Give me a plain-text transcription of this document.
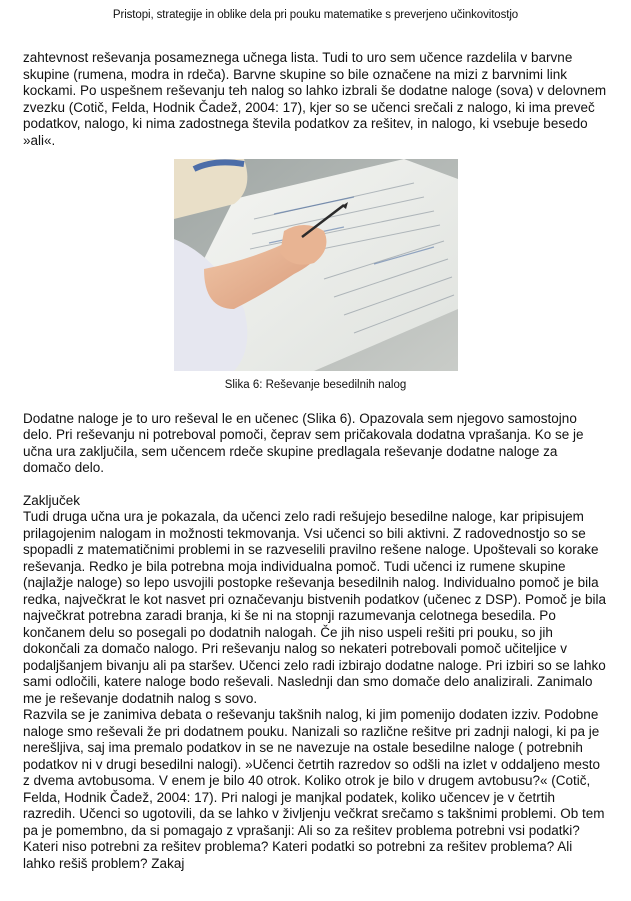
Pristopi, strategije in oblike dela pri pouku matematike s preverjeno učinkovitostjo

zahtevnost reševanja posameznega učnega lista. Tudi to uro sem učence razdelila v barvne skupine (rumena, modra in rdeča). Barvne skupine so bile označene na mizi z barvnimi link kockami. Po uspešnem reševanju teh nalog so lahko izbrali še dodatne naloge (sova) v delovnem zvezku (Cotič, Felda, Hodnik Čadež, 2004: 17), kjer so se učenci srečali z nalogo, ki ima preveč podatkov, nalogo, ki nima zadostnega števila podatkov za rešitev, in nalogo, ki vsebuje besedo »ali«.

Slika 6: Reševanje besedilnih nalog

Dodatne naloge je to uro reševal le en učenec (Slika 6). Opazovala sem njegovo samostojno delo. Pri reševanju ni potreboval pomoči, čeprav sem pričakovala dodatna vprašanja. Ko se je učna ura zaključila, sem učencem rdeče skupine predlagala reševanje dodatne naloge za domačo delo.

Zaključek

Tudi druga učna ura je pokazala, da učenci zelo radi rešujejo besedilne naloge, kar pripisujem prilagojenim nalogam in možnosti tekmovanja. Vsi učenci so bili aktivni. Z radovednostjo so se spopadli z matematičnimi problemi in se razveselili pravilno rešene naloge. Upoštevali so korake reševanja. Redko je bila potrebna moja individualna pomoč. Tudi učenci iz rumene skupine (najlažje naloge) so lepo usvojili postopke reševanja besedilnih nalog. Individualno pomoč je bila redka, največkrat le kot nasvet pri označevanju bistvenih podatkov (učenec z DSP). Pomoč je bila največkrat potrebna zaradi branja, ki še ni na stopnji razumevanja celotnega besedila. Po končanem delu so posegali po dodatnih nalogah. Če jih niso uspeli rešiti pri pouku, so jih dokončali za domačo nalogo. Pri reševanju nalog so nekateri potrebovali pomoč učiteljice v podaljšanjem bivanju ali pa staršev. Učenci zelo radi izbirajo dodatne naloge. Pri izbiri so se lahko sami odločili, katere naloge bodo reševali. Naslednji dan smo domače delo analizirali. Zanimalo me je reševanje dodatnih nalog s sovo.

Razvila se je zanimiva debata o reševanju takšnih nalog, ki jim pomenijo dodaten izziv. Podobne naloge smo reševali že pri dodatnem pouku. Nanizali so različne rešitve pri zadnji nalogi, ki pa je nerešljiva, saj ima premalo podatkov in se ne navezuje na ostale besedilne naloge ( potrebnih podatkov ni v drugi besedilni nalogi). »Učenci četrtih razredov so odšli na izlet v oddaljeno mesto z dvema avtobusoma. V enem je bilo 40 otrok. Koliko otrok je bilo v drugem avtobusu?« (Cotič, Felda, Hodnik Čadež, 2004: 17). Pri nalogi je manjkal podatek, koliko učencev je v četrtih razredih. Učenci so ugotovili, da se lahko v življenju večkrat srečamo s takšnimi problemi. Ob tem pa je pomembno, da si pomagajo z vprašanji: Ali so za rešitev problema potrebni vsi podatki? Kateri niso potrebni za rešitev problema? Kateri podatki so potrebni za rešitev problema? Ali lahko rešiš problem? Zakaj
